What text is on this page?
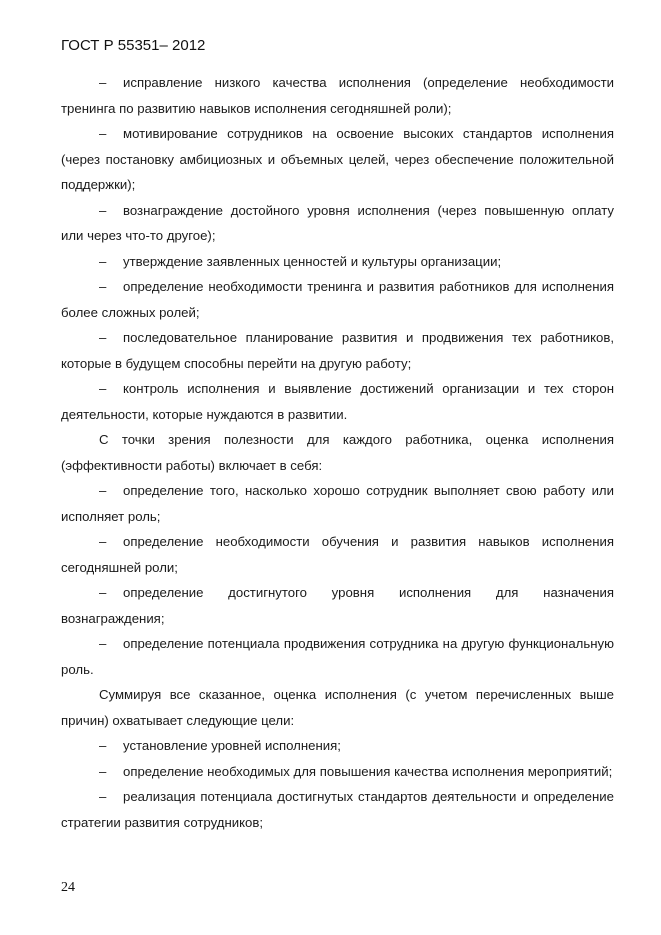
ГОСТ Р 55351– 2012

– исправление низкого качества исполнения (определение необходимости тренинга по развитию навыков исполнения сегодняшней роли);

– мотивирование сотрудников на освоение высоких стандартов исполнения (через постановку амбициозных и объемных целей, через обеспечение положительной поддержки);

– вознаграждение достойного уровня исполнения (через повышенную оплату или через что-то другое);

– утверждение заявленных ценностей и культуры организации;

– определение необходимости тренинга и развития работников для исполнения более сложных ролей;

– последовательное планирование развития и продвижения тех работников, которые в будущем способны перейти на другую работу;

– контроль исполнения и выявление достижений организации и тех сторон деятельности, которые нуждаются в развитии.

С точки зрения полезности для каждого работника, оценка исполнения (эффективности работы) включает в себя:

– определение того, насколько хорошо сотрудник выполняет свою работу или исполняет роль;

– определение необходимости обучения и развития навыков исполнения сегодняшней роли;

– определение достигнутого уровня исполнения для назначения вознаграждения;

– определение потенциала продвижения сотрудника на другую функциональную роль.

Суммируя все сказанное, оценка исполнения (с учетом перечисленных выше причин) охватывает следующие цели:

– установление уровней исполнения;

– определение необходимых для повышения качества исполнения мероприятий;

– реализация потенциала достигнутых стандартов деятельности и определение стратегии развития сотрудников;

24
